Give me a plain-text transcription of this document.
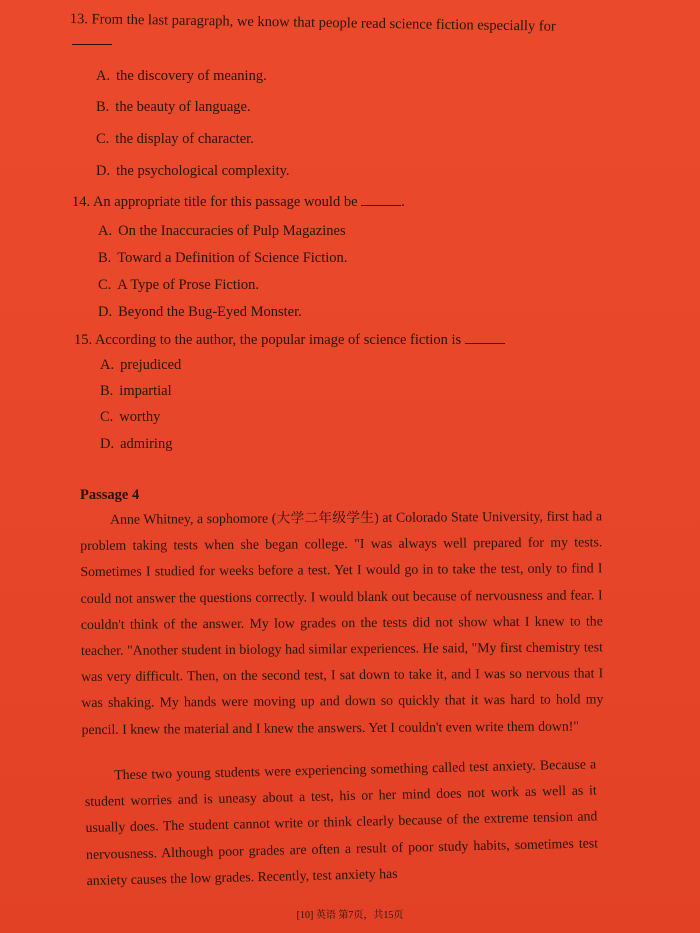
13. From the last paragraph, we know that people read science fiction especially for
A. the discovery of meaning.
B. the beauty of language.
C. the display of character.
D. the psychological complexity.
14. An appropriate title for this passage would be	.
A. On the Inaccuracies of Pulp Magazines
B. Toward a Definition of Science Fiction.
C. A Type of Prose Fiction.
D. Beyond the Bug-Eyed Monster.
15. According to the author, the popular image of science fiction is
A. prejudiced
B. impartial
C. worthy
D. admiring
Passage 4
Anne Whitney, a sophomore (大学二年级学生) at Colorado State University, first had a problem taking tests when she began college. "I was always well prepared for my tests. Sometimes I studied for weeks before a test. Yet I would go in to take the test, only to find I could not answer the questions correctly. I would blank out because of nervousness and fear. I couldn't think of the answer. My low grades on the tests did not show what I knew to the teacher. "Another student in biology had similar experiences. He said, "My first chemistry test was very difficult. Then, on the second test, I sat down to take it, and I was so nervous that I was shaking. My hands were moving up and down so quickly that it was hard to hold my pencil. I knew the material and I knew the answers. Yet I couldn't even write them down!"
These two young students were experiencing something called test anxiety. Because a student worries and is uneasy about a test, his or her mind does not work as well as it usually does. The student cannot write or think clearly because of the extreme tension and nervousness. Although poor grades are often a result of poor study habits, sometimes test anxiety causes the low grades. Recently, test anxiety has
[10] 英语 第7页，共15页
